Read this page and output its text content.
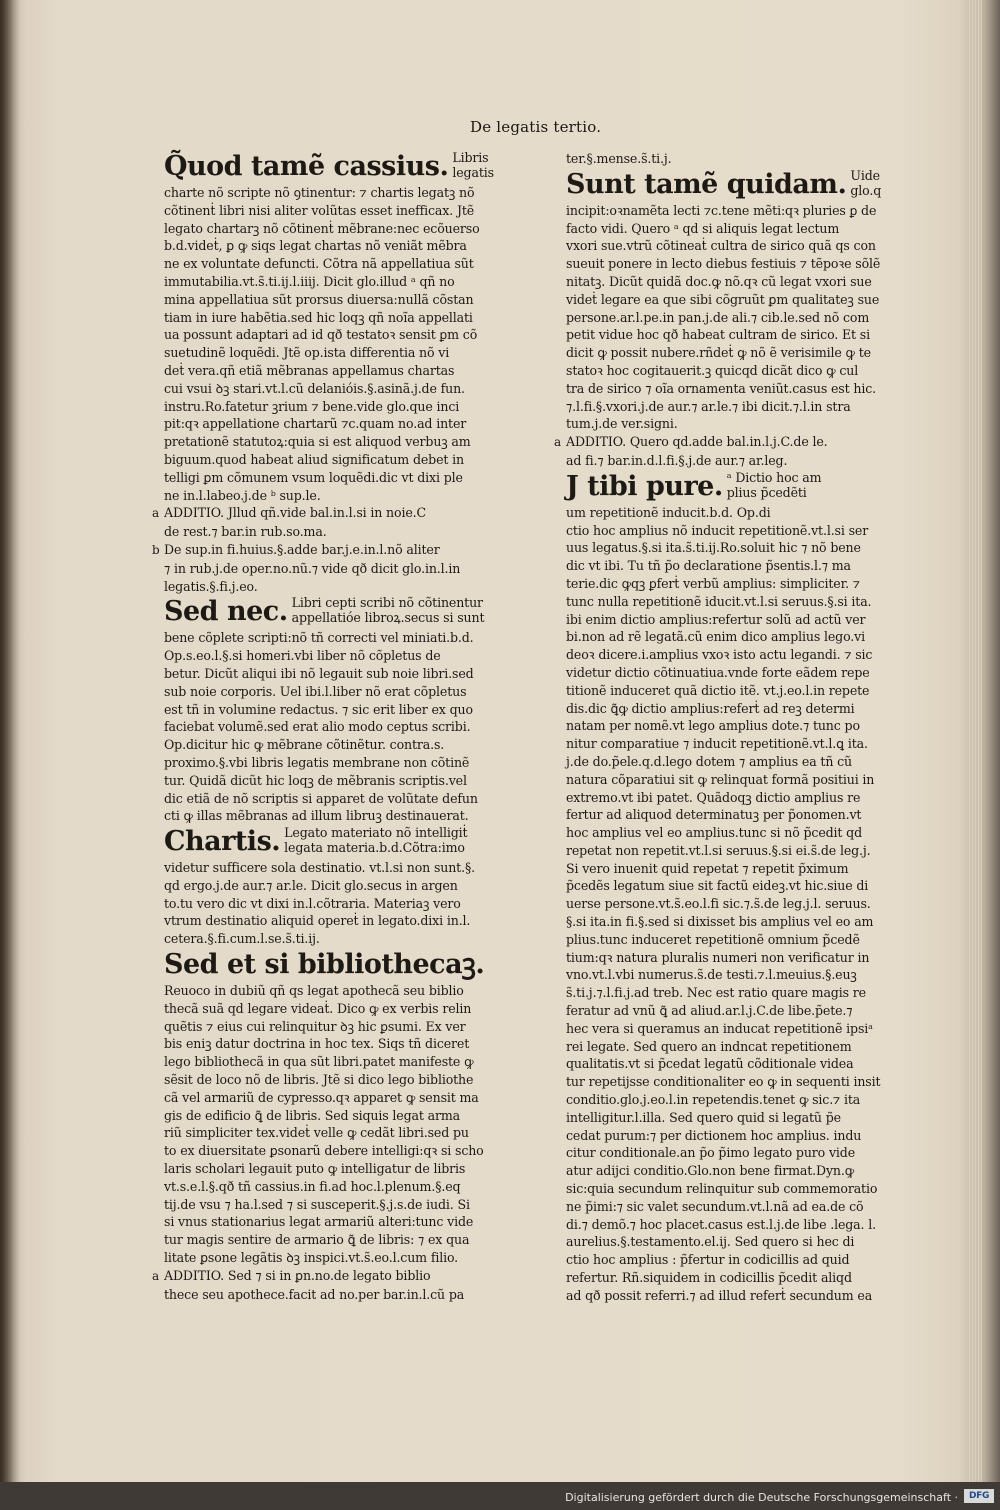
De legatis tertio.
Q̃uod tamẽ cassius. Libris
legatis
charte nõ scripte nõ ꝯtinentur: ⁊ chartis legatꝫ nõ
cõtinenṫ libri nisi aliter volũtas esset inefficax. Jtẽ
legato chartarꝫ nõ cõtinenṫ mẽbrane:nec ecõuerso
b.d.videṫ, ꝑ ꝙ siqs legat chartas nõ veniãt mẽbra
ne ex voluntate defuncti. Cõtra nã appellatiua sũt
immutabilia.vt.s̃.ti.ij.l.iiij. Dicit glo.illud ᵃ qñ no
mina appellatiua sũt prorsus diuersa:nullã cõstan
tiam in iure habẽtia.sed hic loqꝫ qñ noĩa appellati
ua possunt adaptari ad id qð testatoꝛ sensit ꝑm cõ
suetudinẽ loquẽdi. Jtẽ op.ista differentia nõ vi
deṫ vera.qñ etiã mẽbranas appellamus chartas
cui vsui ꝺꝫ stari.vt.l.cũ delanióis.§.asinã.j.de fun.
instru.Ro.fatetur ꝫrium ⁊ bene.vide glo.que inci
pit:qꝛ appellatione chartarũ ⁊c.quam no.ad inter
pretationẽ statutoꝝ:quia si est aliquod verbuꝫ am
biguum.quod habeat aliud significatum debet in
telligi ꝑm cõmunem vsum loquẽdi.dic vt dixi ple
ne in.l.labeo.j.de ᵇ sup.le.
a ADDITIO. Jllud qñ.vide bal.in.l.si in noie.C
de rest.⁊ bar.in rub.so.ma.
b De sup.in fi.huius.§.adde bar.j.e.in.l.nõ aliter
⁊ in rub.j.de oper.no.nũ.⁊ vide qð dicit glo.in.l.in
legatis.§.fi.j.eo.
Sed nec. Libri cepti scribi nõ cõtinentur
appellatióe libroꝝ.secus si sunt
bene cõplete scripti:nõ tñ correcti vel miniati.b.d.
Op.s.eo.l.§.si homeri.vbi liber nõ cõpletus de
betur. Dicũt aliqui ibi nõ legauit sub noie libri.sed
sub noie corporis. Uel ibi.l.liber nõ erat cõpletus
est tñ in volumine redactus. ⁊ sic erit liber ex quo
faciebat volumẽ.sed erat alio modo ceptus scribi.
Op.dicitur hic ꝙ mẽbrane cõtinẽtur. contra.s.
proximo.§.vbi libris legatis membrane non cõtinẽ
tur. Quidã dicũt hic loqꝫ de mẽbranis scriptis.vel
dic etiã de nõ scriptis si apparet de volũtate defun
cti ꝙ illas mẽbranas ad illum libruꝫ destinauerat.
Chartis. Legato materiato nõ intelligiṫ
legata materia.b.d.Cõtra:imo
videtur sufficere sola destinatio. vt.l.si non sunt.§.
qd ergo.j.de aur.⁊ ar.le. Dicit glo.secus in argen
to.tu vero dic vt dixi in.l.cõtraria. Materiaꝫ vero
vtrum destinatio aliquid opereṫ in legato.dixi in.l.
cetera.§.fi.cum.l.se.s̃.ti.ij.
Sed et si bibliothecaꝫ.
Reuoco in dubiũ qñ qs legat apothecã seu biblio
thecã suã qd legare videaṫ. Dico ꝙ ex verbis relin
quẽtis ⁊ eius cui relinquitur ꝺꝫ hic ꝑsumi. Ex ver
bis eniꝫ datur doctrina in hoc tex. Siqs tñ diceret
lego bibliothecã in qua sũt libri.patet manifeste ꝙ
sẽsit de loco nõ de libris. Jtẽ si dico lego bibliothe
cã vel armariũ de cypresso.qꝛ apparet ꝙ sensit ma
gis de edificio ꝗ̃ de libris. Sed siquis legat arma
riũ simpliciter tex.videṫ velle ꝙ cedãt libri.sed pu
to ex diuersitate ꝑsonarũ debere intelligi:qꝛ si scho
laris scholari legauit puto ꝙ intelligatur de libris
vt.s.e.l.§.qð tñ cassius.in fi.ad hoc.l.plenum.§.eq
tij.de vsu ⁊ ha.l.sed ⁊ si susceperit.§.j.s.de iudi. Si
si vnus stationarius legat armariũ alteri:tunc vide
tur magis sentire de armario ꝗ̃ de libris: ⁊ ex qua
litate ꝑsone legãtis ꝺꝫ inspici.vt.s̃.eo.l.cum filio.
a ADDITIO. Sed ⁊ si in ꝑn.no.de legato biblio
thece seu apothece.facit ad no.per bar.in.l.cũ pa
ter.§.mense.s̃.ti.j.
Sunt tamẽ quidam. Uide
glo.q
incipit:oꝛnamẽta lecti ⁊c.tene mẽti:qꝛ pluries ꝑ de
facto vidi. Quero ᵃ qd si aliquis legat lectum
vxori sue.vtrũ cõtineaṫ cultra de sirico quã qs con
sueuit ponere in lecto diebus festiuis ⁊ tẽpoꝛe sõlẽ
nitatꝫ. Dicũt quidã doc.ꝙ nõ.qꝛ cũ legat vxori sue
videṫ legare ea que sibi cõgruũt ꝑm qualitateꝫ sue
persone.ar.l.pe.in pan.j.de ali.⁊ cib.le.sed nõ com
petit vidue hoc qð habeat cultram de sirico. Et si
dicit ꝙ possit nubere.rñdeṫ ꝙ nõ ẽ verisimile ꝙ te
statoꝛ hoc cogitauerit.ꝫ quicqd dicãt dico ꝙ cul
tra de sirico ⁊ oĩa ornamenta veniũt.casus est hic.
⁊.l.fi.§.vxori.j.de aur.⁊ ar.le.⁊ ibi dicit.⁊.l.in stra
tum.j.de ver.signi.
a ADDITIO. Quero qd.adde bal.in.l.j.C.de le.
ad fi.⁊ bar.in.d.l.fi.§.j.de aur.⁊ ar.leg.
J tibi pure. ᵃ Dictio hoc am
plius p̃cedẽti
um repetitionẽ inducit.b.d. Op.di
ctio hoc amplius nõ inducit repetitionẽ.vt.l.si ser
uus legatus.§.si ita.s̃.ti.ij.Ro.soluit hic ⁊ nõ bene
dic vt ibi. Tu tñ p̃o declaratione p̃sentis.l.⁊ ma
terie.dic ꝙqꝫ ꝑferṫ verbũ amplius: simpliciter. ⁊
tunc nulla repetitionẽ iducit.vt.l.si seruus.§.si ita.
ibi enim dictio amplius:refertur solũ ad actũ ver
bi.non ad rẽ legatã.cũ enim dico amplius lego.vi
deoꝛ dicere.i.amplius vxoꝛ isto actu legandi. ⁊ sic
videtur dictio cõtinuatiua.vnde forte eãdem repe
titionẽ induceret quã dictio itẽ. vt.j.eo.l.in repete
dis.dic ꝗ̃ꝙ dictio amplius:referṫ ad reꝫ determi
natam per nomẽ.vt lego amplius dote.⁊ tunc po
nitur comparatiue ⁊ inducit repetitionẽ.vt.l.ꝗ ita.
j.de do.p̃ele.q.d.lego dotem ⁊ amplius ea tñ cũ
natura cõparatiui sit ꝙ relinquat formã positiui in
extremo.vt ibi patet. Quãdoqꝫ dictio amplius re
fertur ad aliquod determinatuꝫ per p̃onomen.vt
hoc amplius vel eo amplius.tunc si nõ p̃cedit qd
repetat non repetit.vt.l.si seruus.§.si ei.s̃.de leg.j.
Si vero inuenit quid repetat ⁊ repetit p̃ximum
p̃cedẽs legatum siue sit factũ eideꝫ.vt hic.siue di
uerse persone.vt.s̃.eo.l.fi sic.⁊.s̃.de leg.j.l. seruus.
§.si ita.in fi.§.sed si dixisset bis amplius vel eo am
plius.tunc induceret repetitionẽ omnium p̃cedẽ
tium:qꝛ natura pluralis numeri non verificatur in
vno.vt.l.vbi numerus.s̃.de testi.⁊.l.meuius.§.euꝫ
s̃.ti.j.⁊.l.fi.j.ad treb. Nec est ratio quare magis re
feratur ad vnũ ꝗ̃ ad aliud.ar.l.j.C.de libe.p̃ete.⁊
hec vera si queramus an inducat repetitionẽ ipsiᵃ
rei legate. Sed quero an indncat repetitionem
qualitatis.vt si p̃cedat legatũ cõditionale videa
tur repetijsse conditionaliter eo ꝙ in sequenti insit
conditio.glo.j.eo.l.in repetendis.tenet ꝙ sic.⁊ ita
intelligitur.l.illa. Sed quero quid si legatũ p̃e
cedat purum:⁊ per dictionem hoc amplius. indu
citur conditionale.an p̃o p̃imo legato puro vide
atur adijci conditio.Glo.non bene firmat.Dyn.ꝙ
sic:quia secundum relinquitur sub commemoratio
ne p̃imi:⁊ sic valet secundum.vt.l.nã ad ea.de cõ
di.⁊ demõ.⁊ hoc placet.casus est.l.j.de libe .lega. l.
aurelius.§.testamento.el.ij. Sed quero si hec di
ctio hoc amplius : p̃fertur in codicillis ad quid
refertur. Rñ.siquidem in codicillis p̃cedit aliqd
ad qð possit referri.⁊ ad illud referṫ secundum ea
Digitalisierung gefördert durch die Deutsche Forschungsgemeinschaft ·	DFG
